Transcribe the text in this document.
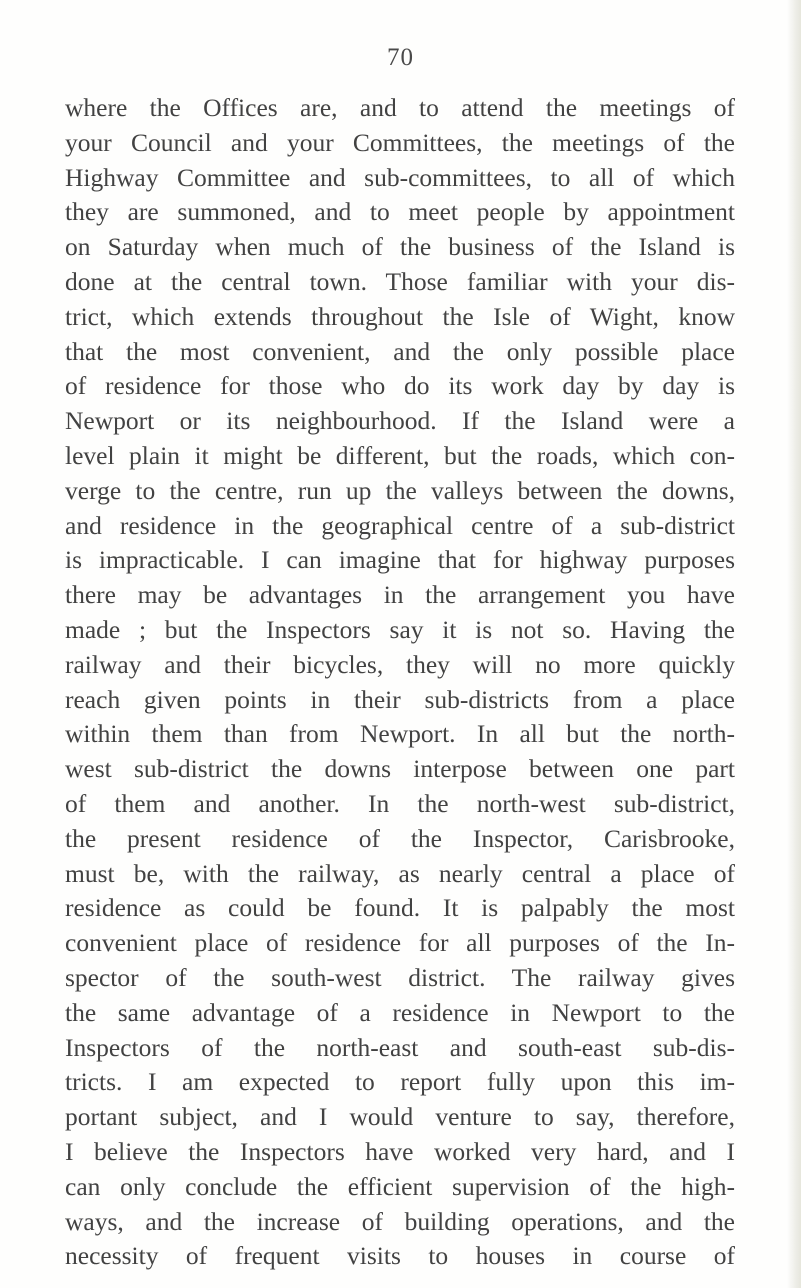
70
where the Offices are, and to attend the meetings of
your Council and your Committees, the meetings of the
Highway Committee and sub-committees, to all of which
they are summoned, and to meet people by appointment
on Saturday when much of the business of the Island is
done at the central town. Those familiar with your dis-
trict, which extends throughout the Isle of Wight, know
that the most convenient, and the only possible place
of residence for those who do its work day by day is
Newport or its neighbourhood. If the Island were a
level plain it might be different, but the roads, which con-
verge to the centre, run up the valleys between the downs,
and residence in the geographical centre of a sub-district
is impracticable. I can imagine that for highway purposes
there may be advantages in the arrangement you have
made ; but the Inspectors say it is not so. Having the
railway and their bicycles, they will no more quickly
reach given points in their sub-districts from a place
within them than from Newport. In all but the north-
west sub-district the downs interpose between one part
of them and another. In the north-west sub-district,
the present residence of the Inspector, Carisbrooke,
must be, with the railway, as nearly central a place of
residence as could be found. It is palpably the most
convenient place of residence for all purposes of the In-
spector of the south-west district. The railway gives
the same advantage of a residence in Newport to the
Inspectors of the north-east and south-east sub-dis-
tricts. I am expected to report fully upon this im-
portant subject, and I would venture to say, therefore,
I believe the Inspectors have worked very hard, and I
can only conclude the efficient supervision of the high-
ways, and the increase of building operations, and the
necessity of frequent visits to houses in course of
